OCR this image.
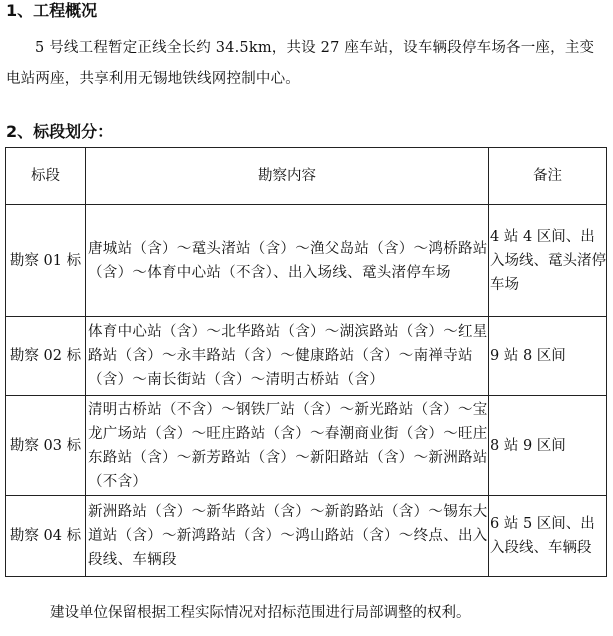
1、工程概况

5 号线工程暂定正线全长约 34.5km，共设 27 座车站，设车辆段停车场各一座，主变电站两座，共享利用无锡地铁线网控制中心。

2、标段划分：
标段	勘察内容	备注
勘察 01 标	唐城站（含）～鼋头渚站（含）～渔父岛站（含）～鸿桥路站（含）～体育中心站（不含）、出入场线、鼋头渚停车场	4 站 4 区间、出入场线、鼋头渚停车场
勘察 02 标	体育中心站（含）～北华路站（含）～湖滨路站（含）～红星路站（含）～永丰路站（含）～健康路站（含）～南禅寺站（含）～南长街站（含）～清明古桥站（含）	9 站 8 区间
勘察 03 标	清明古桥站（不含）～钢铁厂站（含）～新光路站（含）～宝龙广场站（含）～旺庄路站（含）～春潮商业街（含）～旺庄东路站（含）～新芳路站（含）～新阳路站（含）～新洲路站（不含）	8 站 9 区间
勘察 04 标	新洲路站（含）～新华路站（含）～新韵路站（含）～锡东大道站（含）～新鸿路站（含）～鸿山路站（含）～终点、出入段线、车辆段	6 站 5 区间、出入段线、车辆段

建设单位保留根据工程实际情况对招标范围进行局部调整的权利。
